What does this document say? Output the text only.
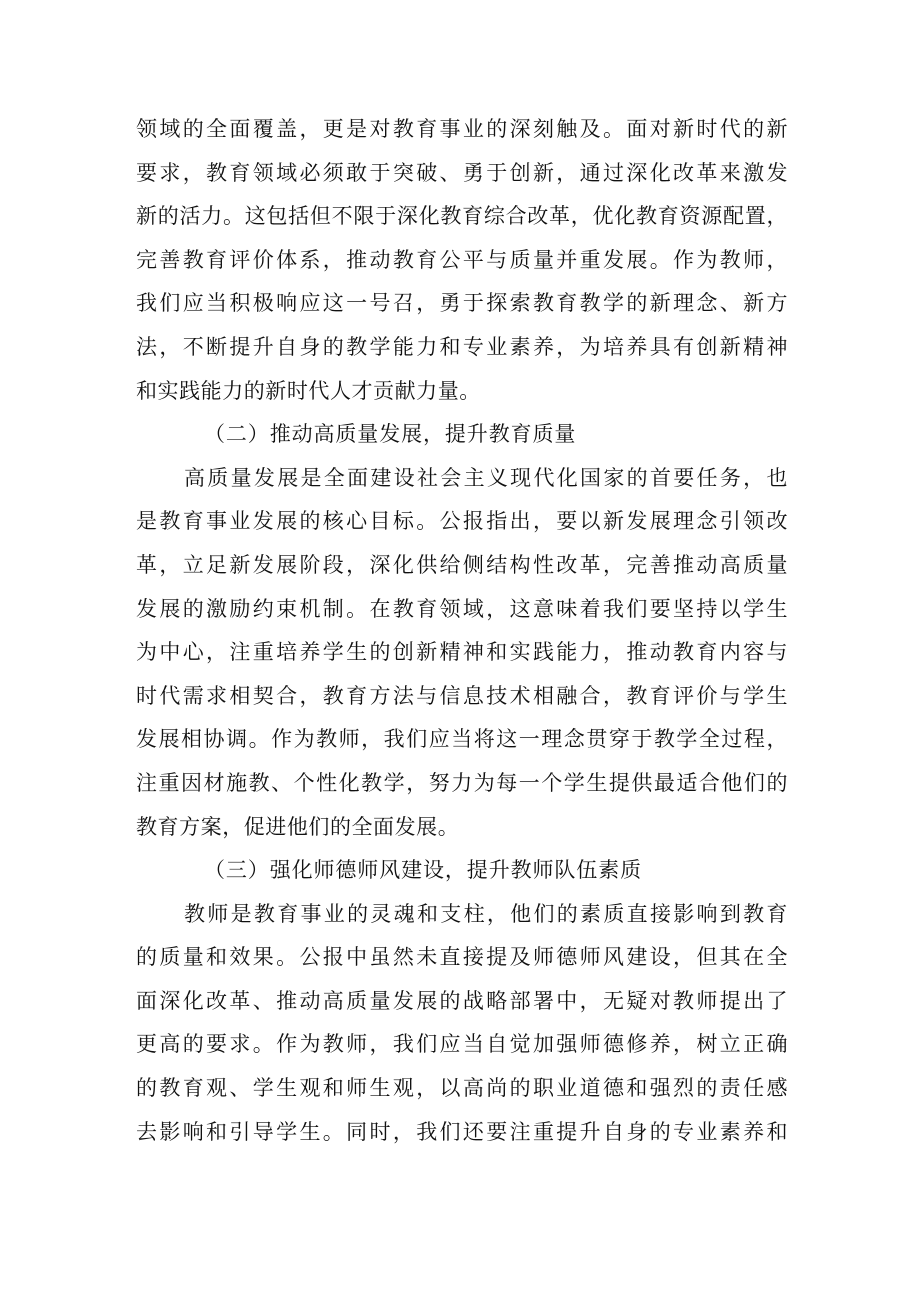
领域的全面覆盖，更是对教育事业的深刻触及。面对新时代的新
要求，教育领域必须敢于突破、勇于创新，通过深化改革来激发
新的活力。这包括但不限于深化教育综合改革，优化教育资源配置，
完善教育评价体系，推动教育公平与质量并重发展。作为教师，
我们应当积极响应这一号召，勇于探索教育教学的新理念、新方
法，不断提升自身的教学能力和专业素养，为培养具有创新精神
和实践能力的新时代人才贡献力量。
（二）推动高质量发展，提升教育质量
高质量发展是全面建设社会主义现代化国家的首要任务，也
是教育事业发展的核心目标。公报指出，要以新发展理念引领改
革，立足新发展阶段，深化供给侧结构性改革，完善推动高质量
发展的激励约束机制。在教育领域，这意味着我们要坚持以学生
为中心，注重培养学生的创新精神和实践能力，推动教育内容与
时代需求相契合，教育方法与信息技术相融合，教育评价与学生
发展相协调。作为教师，我们应当将这一理念贯穿于教学全过程，
注重因材施教、个性化教学，努力为每一个学生提供最适合他们的
教育方案，促进他们的全面发展。
（三）强化师德师风建设，提升教师队伍素质
教师是教育事业的灵魂和支柱，他们的素质直接影响到教育
的质量和效果。公报中虽然未直接提及师德师风建设，但其在全
面深化改革、推动高质量发展的战略部署中，无疑对教师提出了
更高的要求。作为教师，我们应当自觉加强师德修养，树立正确
的教育观、学生观和师生观，以高尚的职业道德和强烈的责任感
去影响和引导学生。同时，我们还要注重提升自身的专业素养和
